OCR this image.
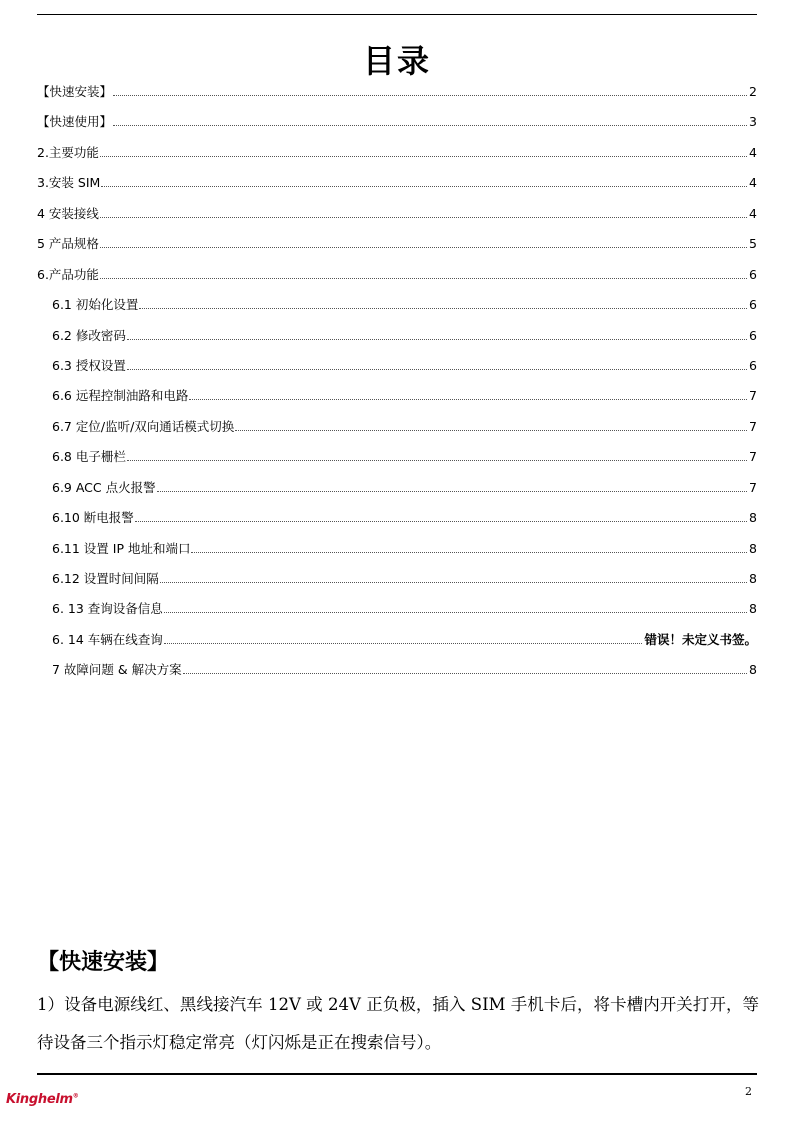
目录
【快速安装】	2
【快速使用】	3
2.主要功能	4
3.安装 SIM	4
4 安装接线	4
5 产品规格	5
6.产品功能	6
6.1 初始化设置	6
6.2 修改密码	6
6.3 授权设置	6
6.6 远程控制油路和电路	7
6.7 定位/监听/双向通话模式切换	7
6.8 电子栅栏	7
6.9 ACC 点火报警	7
6.10 断电报警	8
6.11 设置 IP 地址和端口	8
6.12 设置时间间隔	8
6. 13 查询设备信息	8
6. 14 车辆在线查询	错误！未定义书签。
7 故障问题 & 解决方案	8
【快速安装】

1）设备电源线红、黑线接汽车 12V 或 24V 正负极，插入 SIM 手机卡后，将卡槽内开关打开，等待设备三个指示灯稳定常亮（灯闪烁是正在搜索信号）。

Kinghelm®	2
